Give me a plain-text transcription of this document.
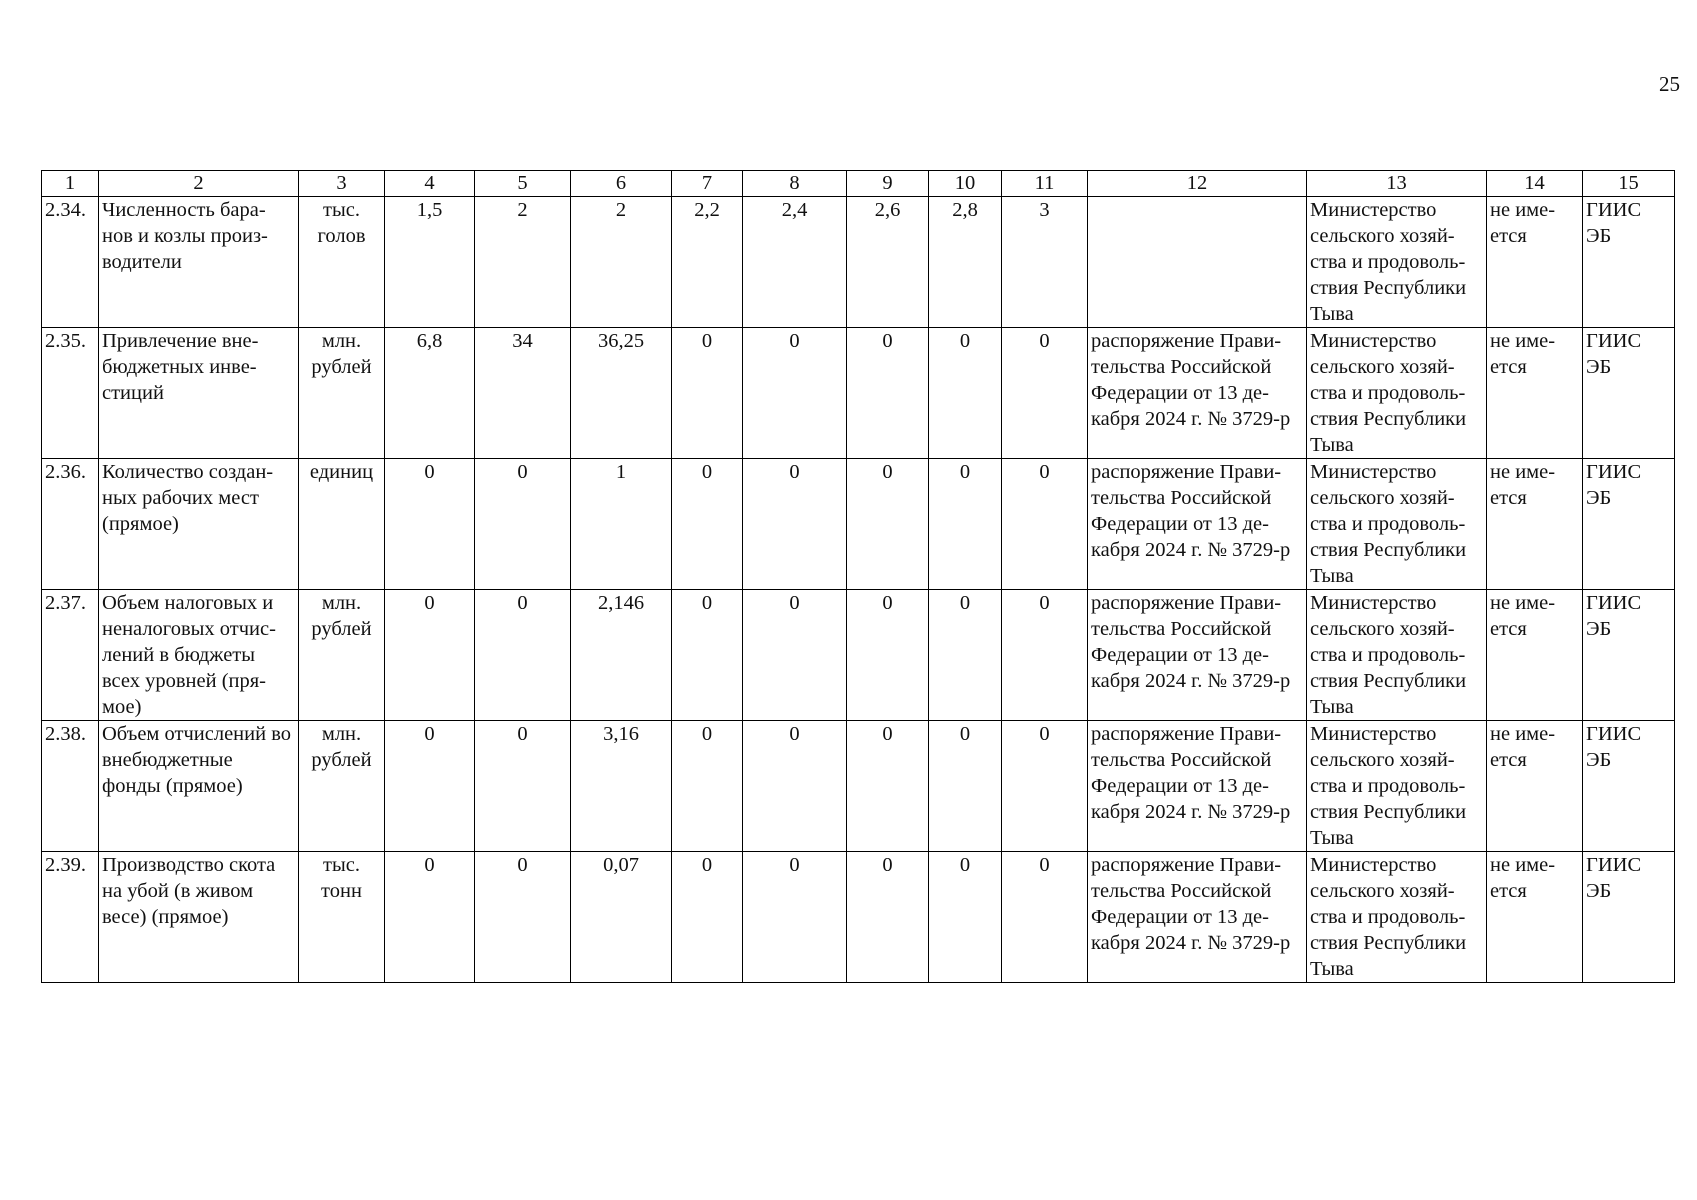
25
1	2	3	4	5	6	7	8	9	10	11	12	13	14	15
2.34.	Численность бара-нов и козлы произ-водители	тыс. голов	1,5	2	2	2,2	2,4	2,6	2,8	3		Министерство сельского хозяй-ства и продоволь-ствия Республики Тыва	не име-ется	ГИИС ЭБ
2.35.	Привлечение вне-бюджетных инве-стиций	млн. рублей	6,8	34	36,25	0	0	0	0	0	распоряжение Прави-тельства Российской Федерации от 13 де-кабря 2024 г. № 3729-р	Министерство сельского хозяй-ства и продоволь-ствия Республики Тыва	не име-ется	ГИИС ЭБ
2.36.	Количество создан-ных рабочих мест (прямое)	единиц	0	0	1	0	0	0	0	0	распоряжение Прави-тельства Российской Федерации от 13 де-кабря 2024 г. № 3729-р	Министерство сельского хозяй-ства и продоволь-ствия Республики Тыва	не име-ется	ГИИС ЭБ
2.37.	Объем налоговых и неналоговых отчис-лений в бюджеты всех уровней (пря-мое)	млн. рублей	0	0	2,146	0	0	0	0	0	распоряжение Прави-тельства Российской Федерации от 13 де-кабря 2024 г. № 3729-р	Министерство сельского хозяй-ства и продоволь-ствия Республики Тыва	не име-ется	ГИИС ЭБ
2.38.	Объем отчислений во внебюджетные фонды (прямое)	млн. рублей	0	0	3,16	0	0	0	0	0	распоряжение Прави-тельства Российской Федерации от 13 де-кабря 2024 г. № 3729-р	Министерство сельского хозяй-ства и продоволь-ствия Республики Тыва	не име-ется	ГИИС ЭБ
2.39.	Производство скота на убой (в живом весе) (прямое)	тыс. тонн	0	0	0,07	0	0	0	0	0	распоряжение Прави-тельства Российской Федерации от 13 де-кабря 2024 г. № 3729-р	Министерство сельского хозяй-ства и продоволь-ствия Республики Тыва	не име-ется	ГИИС ЭБ
